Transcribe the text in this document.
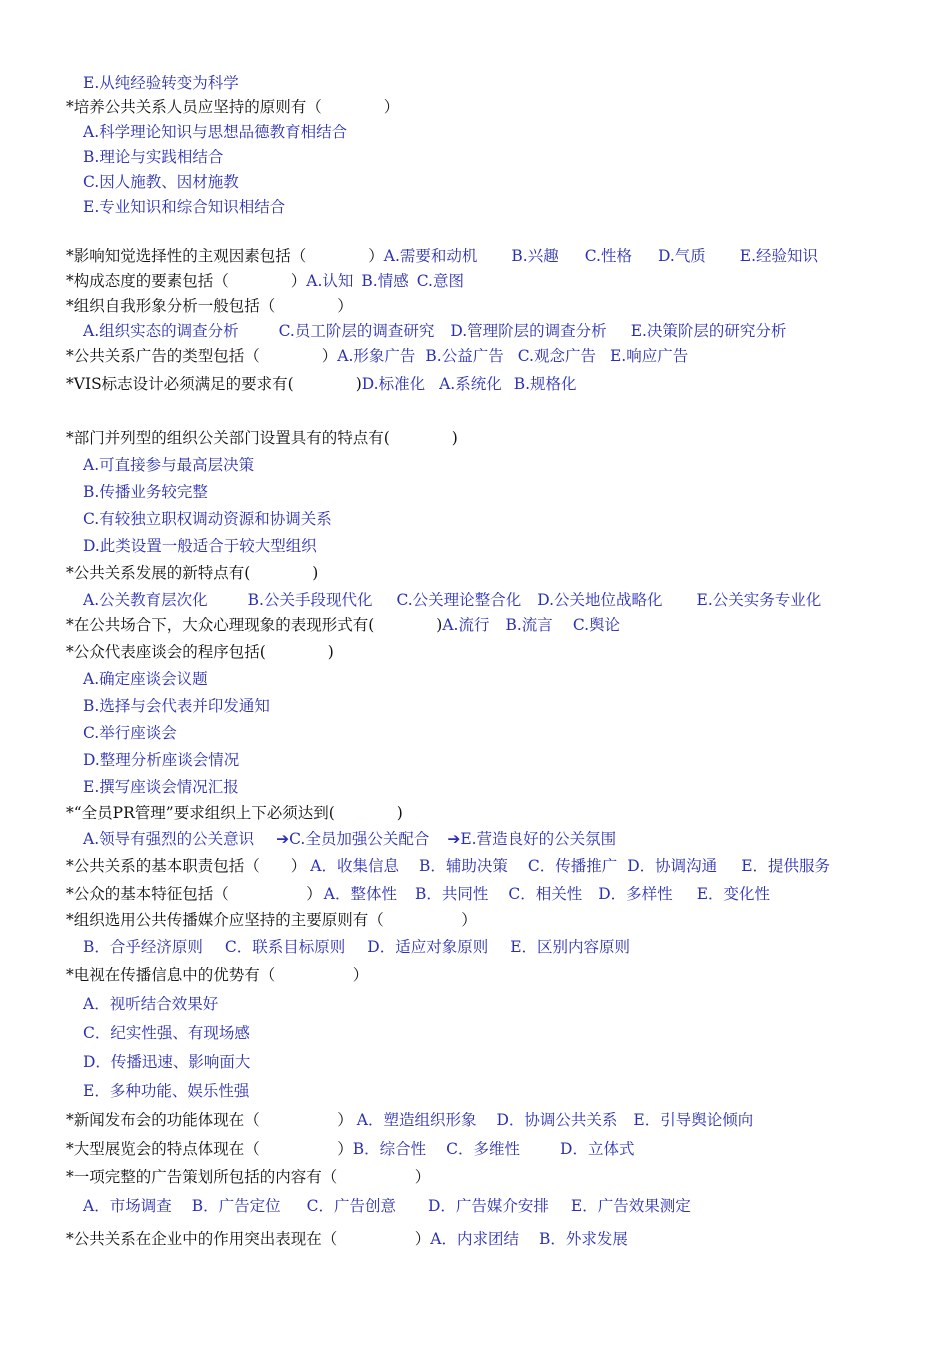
E.从纯经验转变为科学
*培养公共关系人员应坚持的原则有（　　　　）
A.科学理论知识与思想品德教育相结合
B.理论与实践相结合
C.因人施教、因材施教
E.专业知识和综合知识相结合
*影响知觉选择性的主观因素包括（　　　　）A.需要和动机 B.兴趣 C.性格 D.气质 E.经验知识
*构成态度的要素包括（　　　　）A.认知 B.情感 C.意图
*组织自我形象分析一般包括（　　　　）
A.组织实态的调查分析	C.员工阶层的调查研究 D.管理阶层的调查分析 E.决策阶层的研究分析
*公共关系广告的类型包括（　　　　）A.形象广告 B.公益广告 C.观念广告 E.响应广告
*VIS标志设计必须满足的要求有(　　　　)D.标准化 A.系统化 B.规格化
*部门并列型的组织公关部门设置具有的特点有(　　　　)
A.可直接参与最高层决策
B.传播业务较完整
C.有较独立职权调动资源和协调关系
D.此类设置一般适合于较大型组织
*公共关系发展的新特点有(　　　　)
A.公关教育层次化	B.公关手段现代化 C.公关理论整合化 D.公关地位战略化 E.公关实务专业化
*在公共场合下，大众心理现象的表现形式有(　　　　)A.流行 B.流言 C.舆论
*公众代表座谈会的程序包括(　　　　)
A.确定座谈会议题
B.选择与会代表并印发通知
C.举行座谈会
D.整理分析座谈会情况
E.撰写座谈会情况汇报
*“全员PR管理”要求组织上下必须达到(　　　　)
A.领导有强烈的公关意识 ➔C.全员加强公关配合 ➔E.营造良好的公关氛围
*公共关系的基本职责包括（　　） A．收集信息 B．辅助决策 C．传播推广 D．协调沟通 E．提供服务
*公众的基本特征包括（　　　　　） A．整体性 B．共同性 C．相关性 D．多样性 E．变化性
*组织选用公共传播媒介应坚持的主要原则有（　　　　　）
B．合乎经济原则 C．联系目标原则 D．适应对象原则 E．区别内容原则
*电视在传播信息中的优势有（　　　　　）
A．视听结合效果好
C．纪实性强、有现场感
D．传播迅速、影响面大
E．多种功能、娱乐性强
*新闻发布会的功能体现在（　　　　　） A．塑造组织形象 D．协调公共关系 E．引导舆论倾向
*大型展览会的特点体现在（　　　　　）B．综合性 C．多维性	D．立体式
*一项完整的广告策划所包括的内容有（　　　　　）
A．市场调查 B．广告定位 C．广告创意 D．广告媒介安排 E．广告效果测定
*公共关系在企业中的作用突出表现在（　　　　　）A．内求团结 B．外求发展
